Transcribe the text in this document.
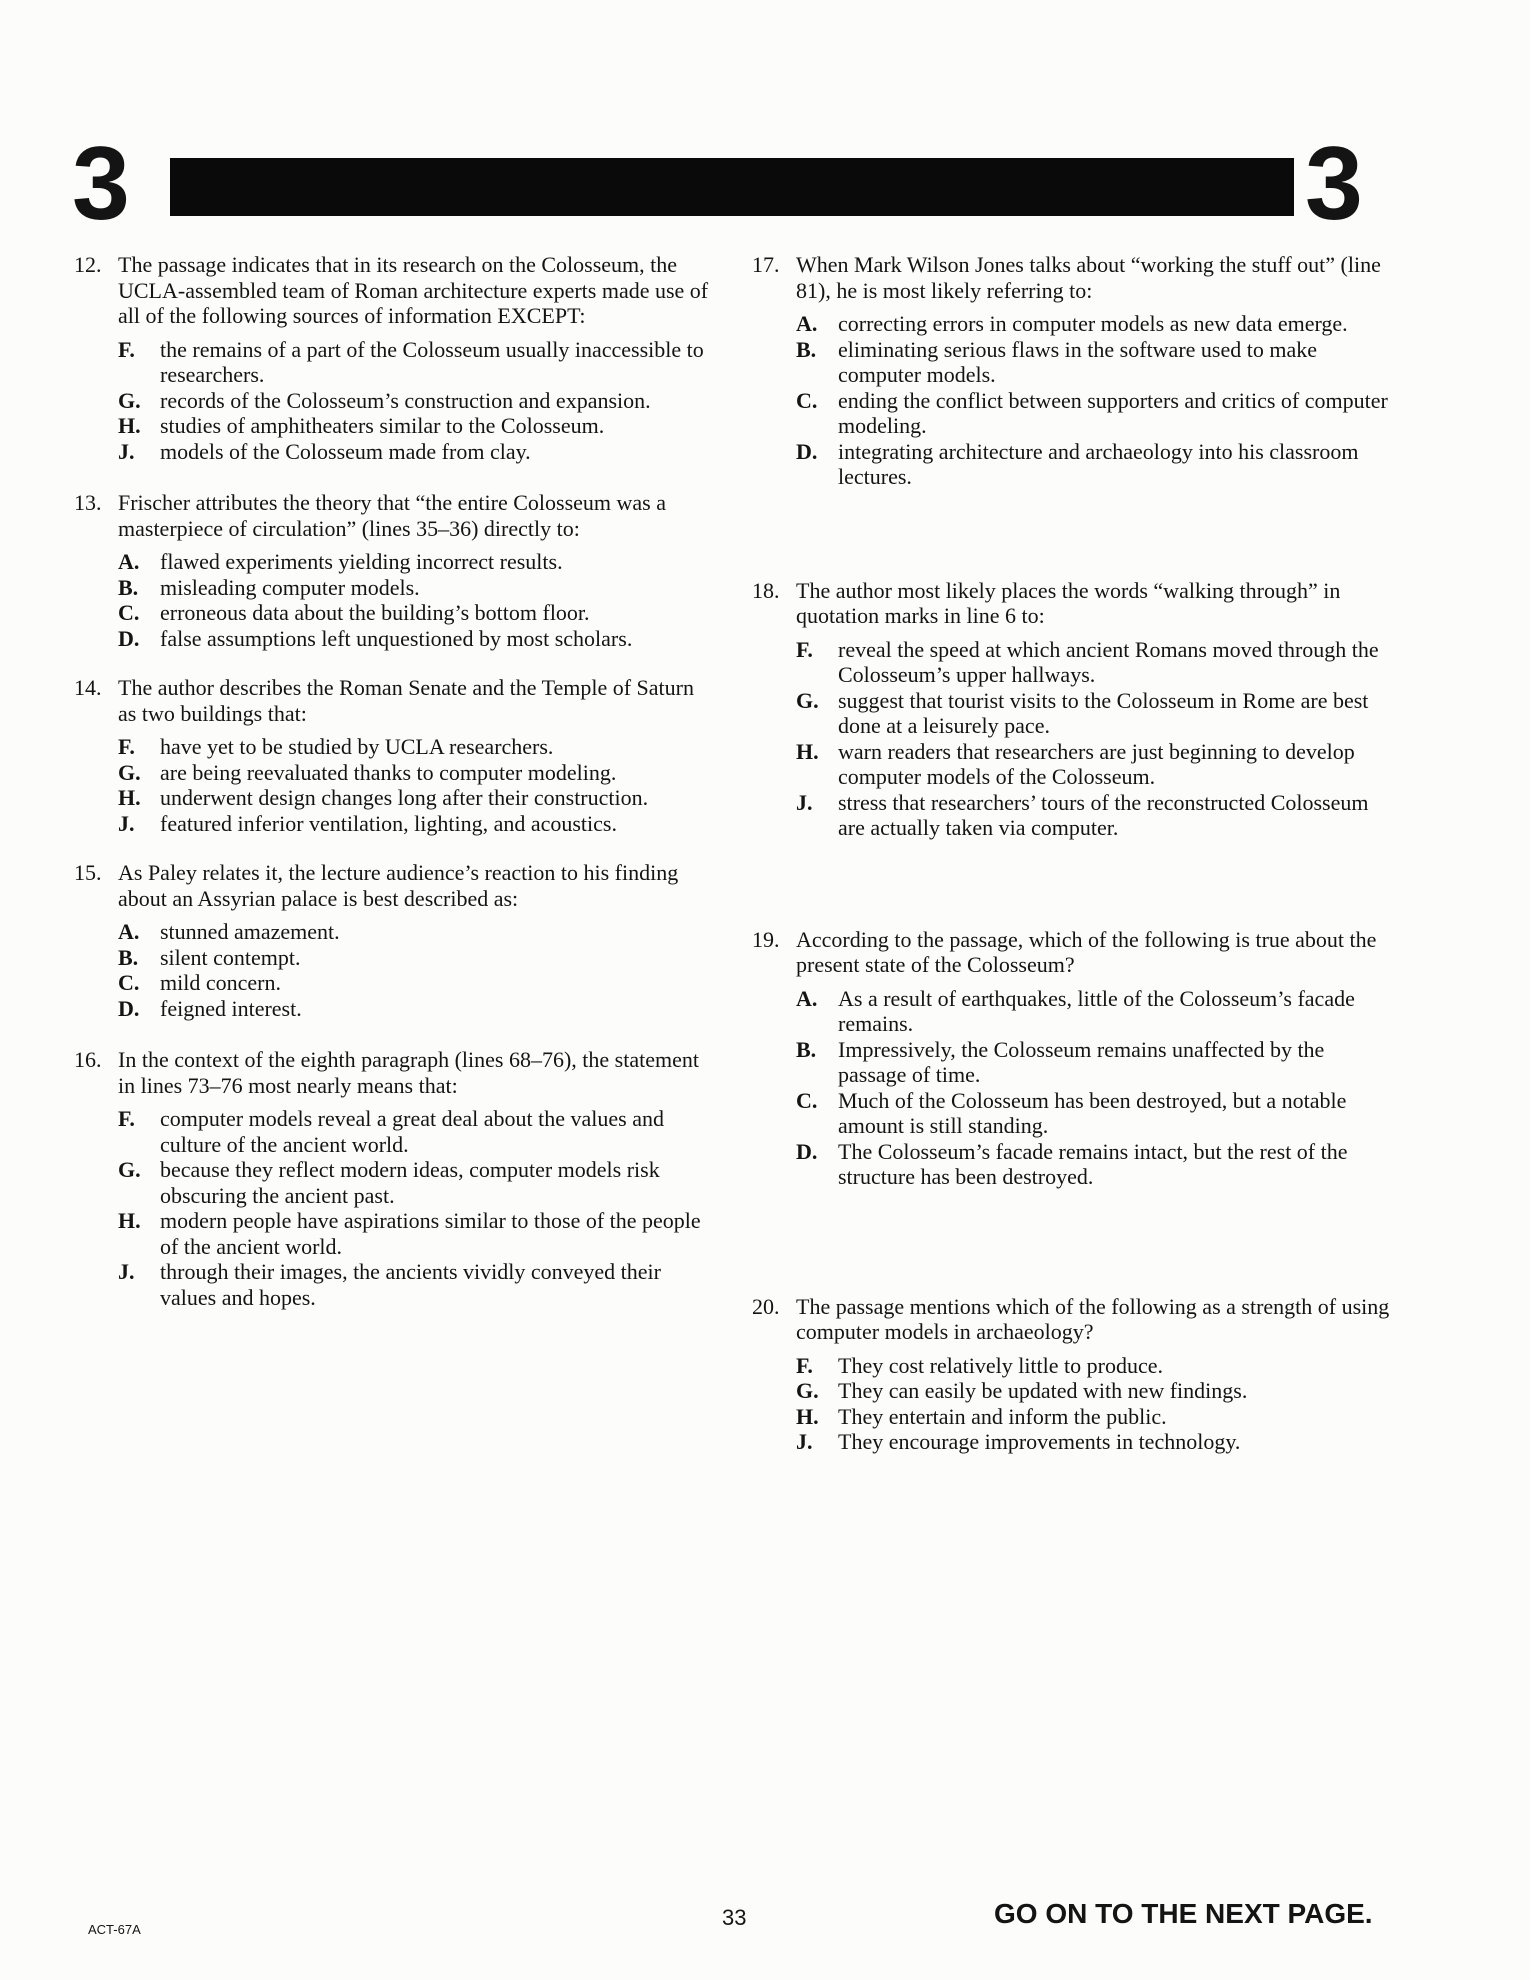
3	3
12. The passage indicates that in its research on the Colosseum, the UCLA-assembled team of Roman architecture experts made use of all of the following sources of information EXCEPT:
F. the remains of a part of the Colosseum usually inaccessible to researchers.
G. records of the Colosseum’s construction and expansion.
H. studies of amphitheaters similar to the Colosseum.
J. models of the Colosseum made from clay.
13. Frischer attributes the theory that “the entire Colosseum was a masterpiece of circulation” (lines 35–36) directly to:
A. flawed experiments yielding incorrect results.
B. misleading computer models.
C. erroneous data about the building’s bottom floor.
D. false assumptions left unquestioned by most scholars.
14. The author describes the Roman Senate and the Temple of Saturn as two buildings that:
F. have yet to be studied by UCLA researchers.
G. are being reevaluated thanks to computer modeling.
H. underwent design changes long after their construction.
J. featured inferior ventilation, lighting, and acoustics.
15. As Paley relates it, the lecture audience’s reaction to his finding about an Assyrian palace is best described as:
A. stunned amazement.
B. silent contempt.
C. mild concern.
D. feigned interest.
16. In the context of the eighth paragraph (lines 68–76), the statement in lines 73–76 most nearly means that:
F. computer models reveal a great deal about the values and culture of the ancient world.
G. because they reflect modern ideas, computer models risk obscuring the ancient past.
H. modern people have aspirations similar to those of the people of the ancient world.
J. through their images, the ancients vividly conveyed their values and hopes.
17. When Mark Wilson Jones talks about “working the stuff out” (line 81), he is most likely referring to:
A. correcting errors in computer models as new data emerge.
B. eliminating serious flaws in the software used to make computer models.
C. ending the conflict between supporters and critics of computer modeling.
D. integrating architecture and archaeology into his classroom lectures.
18. The author most likely places the words “walking through” in quotation marks in line 6 to:
F. reveal the speed at which ancient Romans moved through the Colosseum’s upper hallways.
G. suggest that tourist visits to the Colosseum in Rome are best done at a leisurely pace.
H. warn readers that researchers are just beginning to develop computer models of the Colosseum.
J. stress that researchers’ tours of the reconstructed Colosseum are actually taken via computer.
19. According to the passage, which of the following is true about the present state of the Colosseum?
A. As a result of earthquakes, little of the Colosseum’s facade remains.
B. Impressively, the Colosseum remains unaffected by the passage of time.
C. Much of the Colosseum has been destroyed, but a notable amount is still standing.
D. The Colosseum’s facade remains intact, but the rest of the structure has been destroyed.
20. The passage mentions which of the following as a strength of using computer models in archaeology?
F. They cost relatively little to produce.
G. They can easily be updated with new findings.
H. They entertain and inform the public.
J. They encourage improvements in technology.
ACT-67A	33	GO ON TO THE NEXT PAGE.
